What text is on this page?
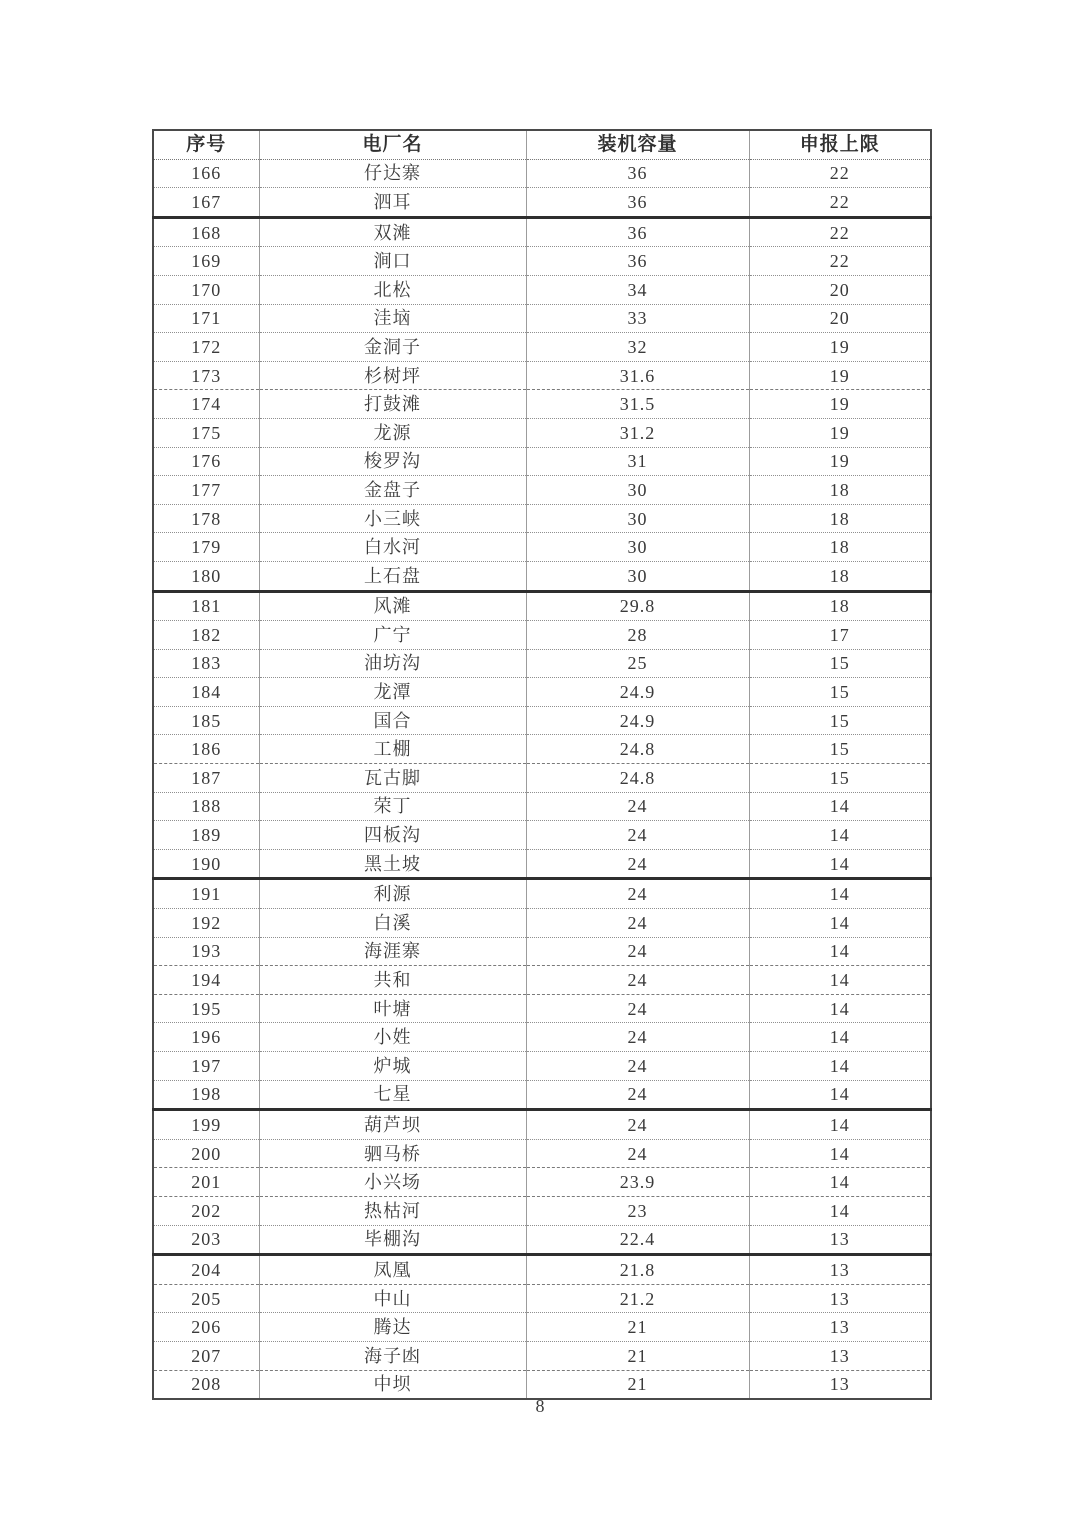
序号	电厂名	装机容量	申报上限
166	仔达寨	36	22
167	泗耳	36	22
168	双滩	36	22
169	涧口	36	22
170	北松	34	20
171	洼垴	33	20
172	金洞子	32	19
173	杉树坪	31.6	19
174	打鼓滩	31.5	19
175	龙源	31.2	19
176	梭罗沟	31	19
177	金盘子	30	18
178	小三峡	30	18
179	白水河	30	18
180	上石盘	30	18
181	风滩	29.8	18
182	广宁	28	17
183	油坊沟	25	15
184	龙潭	24.9	15
185	国合	24.9	15
186	工棚	24.8	15
187	瓦古脚	24.8	15
188	荣丁	24	14
189	四板沟	24	14
190	黑土坡	24	14
191	利源	24	14
192	白溪	24	14
193	海涯寨	24	14
194	共和	24	14
195	叶塘	24	14
196	小姓	24	14
197	炉城	24	14
198	七星	24	14
199	葫芦坝	24	14
200	驷马桥	24	14
201	小兴场	23.9	14
202	热枯河	23	14
203	毕棚沟	22.4	13
204	凤凰	21.8	13
205	中山	21.2	13
206	腾达	21	13
207	海子凼	21	13
208	中坝	21	13
8
